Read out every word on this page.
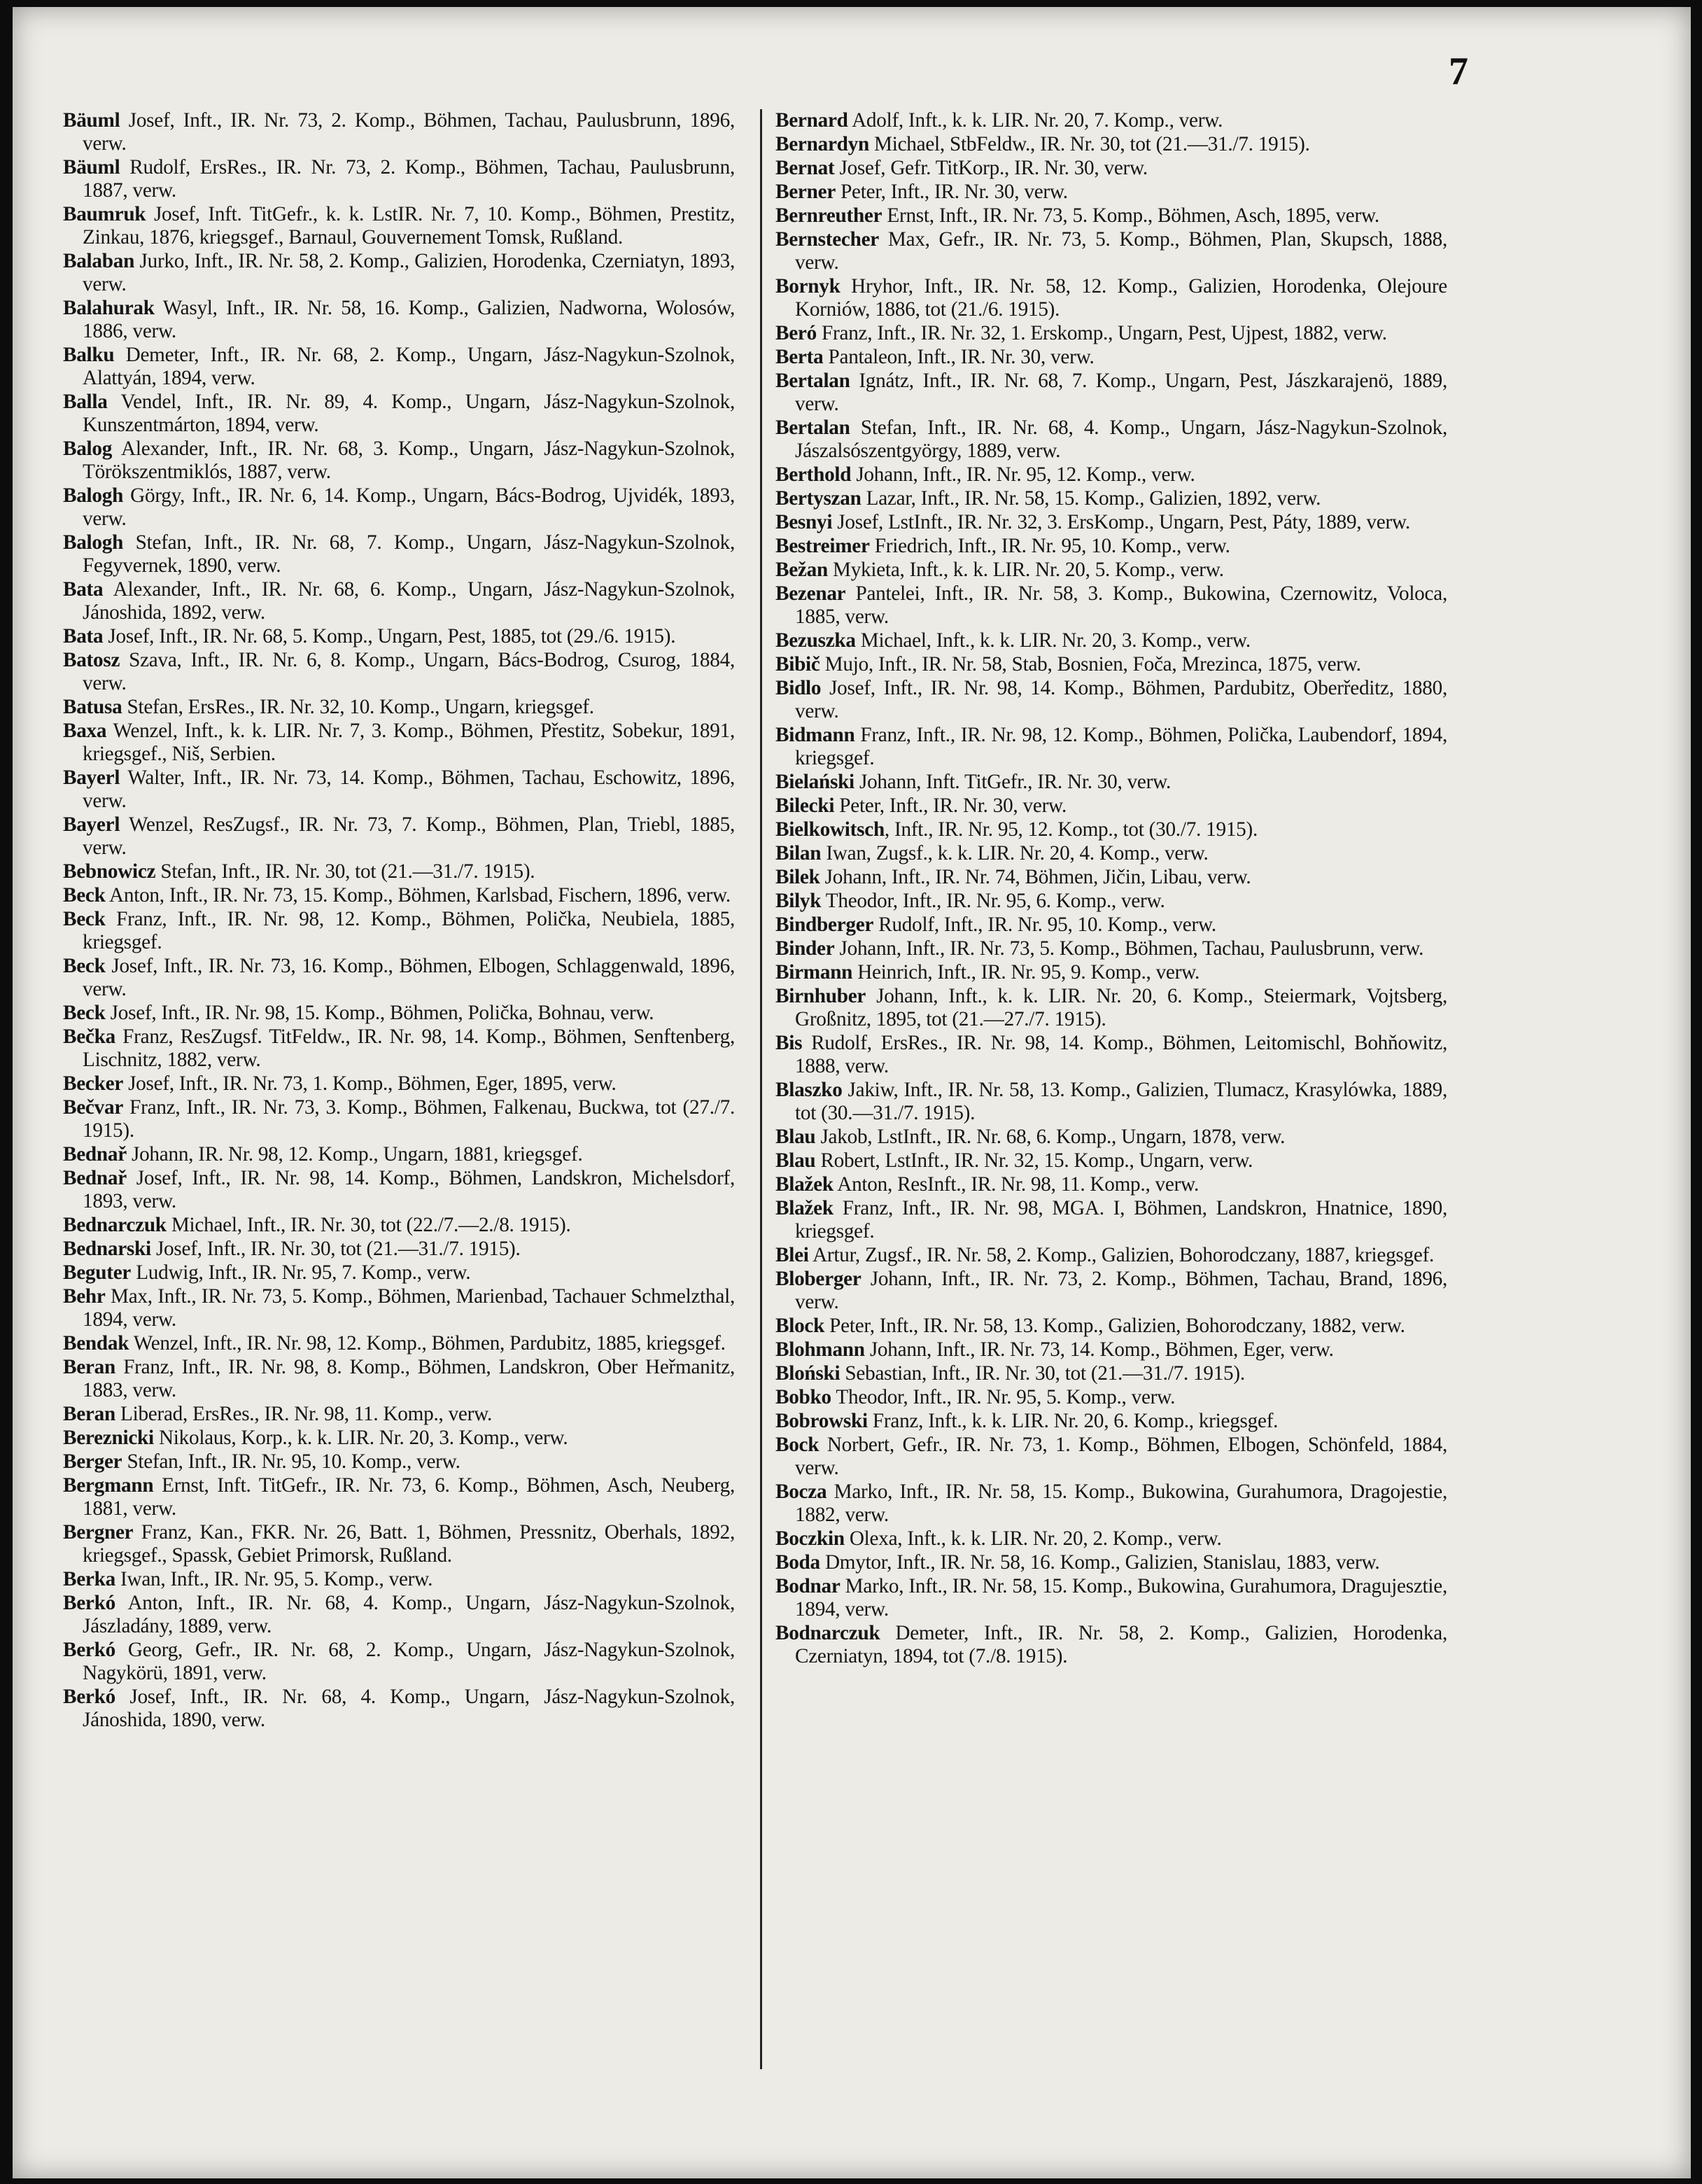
7

Bäuml Josef, Inft., IR. Nr. 73, 2. Komp., Böhmen, Tachau, Paulusbrunn, 1896, verw.

Bäuml Rudolf, ErsRes., IR. Nr. 73, 2. Komp., Böhmen, Tachau, Paulusbrunn, 1887, verw.

Baumruk Josef, Inft. TitGefr., k. k. LstIR. Nr. 7, 10. Komp., Böhmen, Prestitz, Zinkau, 1876, kriegsgef., Barnaul, Gouvernement Tomsk, Rußland.

Balaban Jurko, Inft., IR. Nr. 58, 2. Komp., Galizien, Horodenka, Czerniatyn, 1893, verw.

Balahurak Wasyl, Inft., IR. Nr. 58, 16. Komp., Galizien, Nadworna, Wolosów, 1886, verw.

Balku Demeter, Inft., IR. Nr. 68, 2. Komp., Ungarn, Jász-Nagykun-Szolnok, Alattyán, 1894, verw.

Balla Vendel, Inft., IR. Nr. 89, 4. Komp., Ungarn, Jász-Nagykun-Szolnok, Kunszentmárton, 1894, verw.

Balog Alexander, Inft., IR. Nr. 68, 3. Komp., Ungarn, Jász-Nagykun-Szolnok, Törökszentmiklós, 1887, verw.

Balogh Görgy, Inft., IR. Nr. 6, 14. Komp., Ungarn, Bács-Bodrog, Ujvidék, 1893, verw.

Balogh Stefan, Inft., IR. Nr. 68, 7. Komp., Ungarn, Jász-Nagykun-Szolnok, Fegyvernek, 1890, verw.

Bata Alexander, Inft., IR. Nr. 68, 6. Komp., Ungarn, Jász-Nagykun-Szolnok, Jánoshida, 1892, verw.

Bata Josef, Inft., IR. Nr. 68, 5. Komp., Ungarn, Pest, 1885, tot (29./6. 1915).

Batosz Szava, Inft., IR. Nr. 6, 8. Komp., Ungarn, Bács-Bodrog, Csurog, 1884, verw.

Batusa Stefan, ErsRes., IR. Nr. 32, 10. Komp., Ungarn, kriegsgef.

Baxa Wenzel, Inft., k. k. LIR. Nr. 7, 3. Komp., Böhmen, Přestitz, Sobekur, 1891, kriegsgef., Niš, Serbien.

Bayerl Walter, Inft., IR. Nr. 73, 14. Komp., Böhmen, Tachau, Eschowitz, 1896, verw.

Bayerl Wenzel, ResZugsf., IR. Nr. 73, 7. Komp., Böhmen, Plan, Triebl, 1885, verw.

Bebnowicz Stefan, Inft., IR. Nr. 30, tot (21.—31./7. 1915).

Beck Anton, Inft., IR. Nr. 73, 15. Komp., Böhmen, Karlsbad, Fischern, 1896, verw.

Beck Franz, Inft., IR. Nr. 98, 12. Komp., Böhmen, Polička, Neubiela, 1885, kriegsgef.

Beck Josef, Inft., IR. Nr. 73, 16. Komp., Böhmen, Elbogen, Schlaggenwald, 1896, verw.

Beck Josef, Inft., IR. Nr. 98, 15. Komp., Böhmen, Polička, Bohnau, verw.

Bečka Franz, ResZugsf. TitFeldw., IR. Nr. 98, 14. Komp., Böhmen, Senftenberg, Lischnitz, 1882, verw.

Becker Josef, Inft., IR. Nr. 73, 1. Komp., Böhmen, Eger, 1895, verw.

Bečvar Franz, Inft., IR. Nr. 73, 3. Komp., Böhmen, Falkenau, Buckwa, tot (27./7. 1915).

Bednař Johann, IR. Nr. 98, 12. Komp., Ungarn, 1881, kriegsgef.

Bednař Josef, Inft., IR. Nr. 98, 14. Komp., Böhmen, Landskron, Michelsdorf, 1893, verw.

Bednarczuk Michael, Inft., IR. Nr. 30, tot (22./7.—2./8. 1915).

Bednarski Josef, Inft., IR. Nr. 30, tot (21.—31./7. 1915).

Beguter Ludwig, Inft., IR. Nr. 95, 7. Komp., verw.

Behr Max, Inft., IR. Nr. 73, 5. Komp., Böhmen, Marienbad, Tachauer Schmelzthal, 1894, verw.

Bendak Wenzel, Inft., IR. Nr. 98, 12. Komp., Böhmen, Pardubitz, 1885, kriegsgef.

Beran Franz, Inft., IR. Nr. 98, 8. Komp., Böhmen, Landskron, Ober Heřmanitz, 1883, verw.

Beran Liberad, ErsRes., IR. Nr. 98, 11. Komp., verw.

Bereznicki Nikolaus, Korp., k. k. LIR. Nr. 20, 3. Komp., verw.

Berger Stefan, Inft., IR. Nr. 95, 10. Komp., verw.

Bergmann Ernst, Inft. TitGefr., IR. Nr. 73, 6. Komp., Böhmen, Asch, Neuberg, 1881, verw.

Bergner Franz, Kan., FKR. Nr. 26, Batt. 1, Böhmen, Pressnitz, Oberhals, 1892, kriegsgef., Spassk, Gebiet Primorsk, Rußland.

Berka Iwan, Inft., IR. Nr. 95, 5. Komp., verw.

Berkó Anton, Inft., IR. Nr. 68, 4. Komp., Ungarn, Jász-Nagykun-Szolnok, Jászladány, 1889, verw.

Berkó Georg, Gefr., IR. Nr. 68, 2. Komp., Ungarn, Jász-Nagykun-Szolnok, Nagykörü, 1891, verw.

Berkó Josef, Inft., IR. Nr. 68, 4. Komp., Ungarn, Jász-Nagykun-Szolnok, Jánoshida, 1890, verw.

Bernard Adolf, Inft., k. k. LIR. Nr. 20, 7. Komp., verw.

Bernardyn Michael, StbFeldw., IR. Nr. 30, tot (21.—31./7. 1915).

Bernat Josef, Gefr. TitKorp., IR. Nr. 30, verw.

Berner Peter, Inft., IR. Nr. 30, verw.

Bernreuther Ernst, Inft., IR. Nr. 73, 5. Komp., Böhmen, Asch, 1895, verw.

Bernstecher Max, Gefr., IR. Nr. 73, 5. Komp., Böhmen, Plan, Skupsch, 1888, verw.

Bornyk Hryhor, Inft., IR. Nr. 58, 12. Komp., Galizien, Horodenka, Olejoure Korniów, 1886, tot (21./6. 1915).

Beró Franz, Inft., IR. Nr. 32, 1. Erskomp., Ungarn, Pest, Ujpest, 1882, verw.

Berta Pantaleon, Inft., IR. Nr. 30, verw.

Bertalan Ignátz, Inft., IR. Nr. 68, 7. Komp., Ungarn, Pest, Jászkarajenö, 1889, verw.

Bertalan Stefan, Inft., IR. Nr. 68, 4. Komp., Ungarn, Jász-Nagykun-Szolnok, Jászalsószentgyörgy, 1889, verw.

Berthold Johann, Inft., IR. Nr. 95, 12. Komp., verw.

Bertyszan Lazar, Inft., IR. Nr. 58, 15. Komp., Galizien, 1892, verw.

Besnyi Josef, LstInft., IR. Nr. 32, 3. ErsKomp., Ungarn, Pest, Páty, 1889, verw.

Bestreimer Friedrich, Inft., IR. Nr. 95, 10. Komp., verw.

Bežan Mykieta, Inft., k. k. LIR. Nr. 20, 5. Komp., verw.

Bezenar Pantelei, Inft., IR. Nr. 58, 3. Komp., Bukowina, Czernowitz, Voloca, 1885, verw.

Bezuszka Michael, Inft., k. k. LIR. Nr. 20, 3. Komp., verw.

Bibič Mujo, Inft., IR. Nr. 58, Stab, Bosnien, Foča, Mrezinca, 1875, verw.

Bidlo Josef, Inft., IR. Nr. 98, 14. Komp., Böhmen, Pardubitz, Oberředitz, 1880, verw.

Bidmann Franz, Inft., IR. Nr. 98, 12. Komp., Böhmen, Polička, Laubendorf, 1894, kriegsgef.

Bielański Johann, Inft. TitGefr., IR. Nr. 30, verw.

Bilecki Peter, Inft., IR. Nr. 30, verw.

Bielkowitsch, Inft., IR. Nr. 95, 12. Komp., tot (30./7. 1915).

Bilan Iwan, Zugsf., k. k. LIR. Nr. 20, 4. Komp., verw.

Bilek Johann, Inft., IR. Nr. 74, Böhmen, Jičin, Libau, verw.

Bilyk Theodor, Inft., IR. Nr. 95, 6. Komp., verw.

Bindberger Rudolf, Inft., IR. Nr. 95, 10. Komp., verw.

Binder Johann, Inft., IR. Nr. 73, 5. Komp., Böhmen, Tachau, Paulusbrunn, verw.

Birmann Heinrich, Inft., IR. Nr. 95, 9. Komp., verw.

Birnhuber Johann, Inft., k. k. LIR. Nr. 20, 6. Komp., Steiermark, Vojtsberg, Großnitz, 1895, tot (21.—27./7. 1915).

Bis Rudolf, ErsRes., IR. Nr. 98, 14. Komp., Böhmen, Leitomischl, Bohňowitz, 1888, verw.

Blaszko Jakiw, Inft., IR. Nr. 58, 13. Komp., Galizien, Tlumacz, Krasylówka, 1889, tot (30.—31./7. 1915).

Blau Jakob, LstInft., IR. Nr. 68, 6. Komp., Ungarn, 1878, verw.

Blau Robert, LstInft., IR. Nr. 32, 15. Komp., Ungarn, verw.

Blažek Anton, ResInft., IR. Nr. 98, 11. Komp., verw.

Blažek Franz, Inft., IR. Nr. 98, MGA. I, Böhmen, Landskron, Hnatnice, 1890, kriegsgef.

Blei Artur, Zugsf., IR. Nr. 58, 2. Komp., Galizien, Bohorodczany, 1887, kriegsgef.

Bloberger Johann, Inft., IR. Nr. 73, 2. Komp., Böhmen, Tachau, Brand, 1896, verw.

Block Peter, Inft., IR. Nr. 58, 13. Komp., Galizien, Bohorodczany, 1882, verw.

Blohmann Johann, Inft., IR. Nr. 73, 14. Komp., Böhmen, Eger, verw.

Bloński Sebastian, Inft., IR. Nr. 30, tot (21.—31./7. 1915).

Bobko Theodor, Inft., IR. Nr. 95, 5. Komp., verw.

Bobrowski Franz, Inft., k. k. LIR. Nr. 20, 6. Komp., kriegsgef.

Bock Norbert, Gefr., IR. Nr. 73, 1. Komp., Böhmen, Elbogen, Schönfeld, 1884, verw.

Bocza Marko, Inft., IR. Nr. 58, 15. Komp., Bukowina, Gurahumora, Dragojestie, 1882, verw.

Boczkin Olexa, Inft., k. k. LIR. Nr. 20, 2. Komp., verw.

Boda Dmytor, Inft., IR. Nr. 58, 16. Komp., Galizien, Stanislau, 1883, verw.

Bodnar Marko, Inft., IR. Nr. 58, 15. Komp., Bukowina, Gurahumora, Dragujesztie, 1894, verw.

Bodnarczuk Demeter, Inft., IR. Nr. 58, 2. Komp., Galizien, Horodenka, Czerniatyn, 1894, tot (7./8. 1915).
